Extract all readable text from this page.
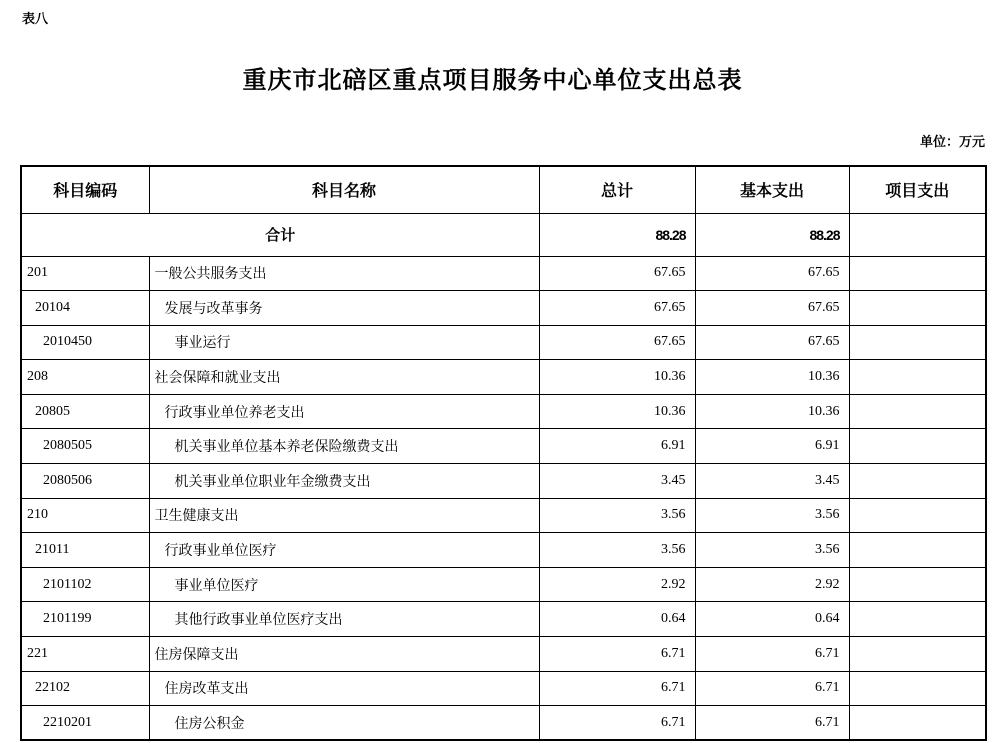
表八
重庆市北碚区重点项目服务中心单位支出总表
单位：万元
科目编码	科目名称	总计	基本支出	项目支出
合计		88.28	88.28	
201	一般公共服务支出	67.65	67.65	
20104	发展与改革事务	67.65	67.65	
2010450	事业运行	67.65	67.65	
208	社会保障和就业支出	10.36	10.36	
20805	行政事业单位养老支出	10.36	10.36	
2080505	机关事业单位基本养老保险缴费支出	6.91	6.91	
2080506	机关事业单位职业年金缴费支出	3.45	3.45	
210	卫生健康支出	3.56	3.56	
21011	行政事业单位医疗	3.56	3.56	
2101102	事业单位医疗	2.92	2.92	
2101199	其他行政事业单位医疗支出	0.64	0.64	
221	住房保障支出	6.71	6.71	
22102	住房改革支出	6.71	6.71	
2210201	住房公积金	6.71	6.71	
